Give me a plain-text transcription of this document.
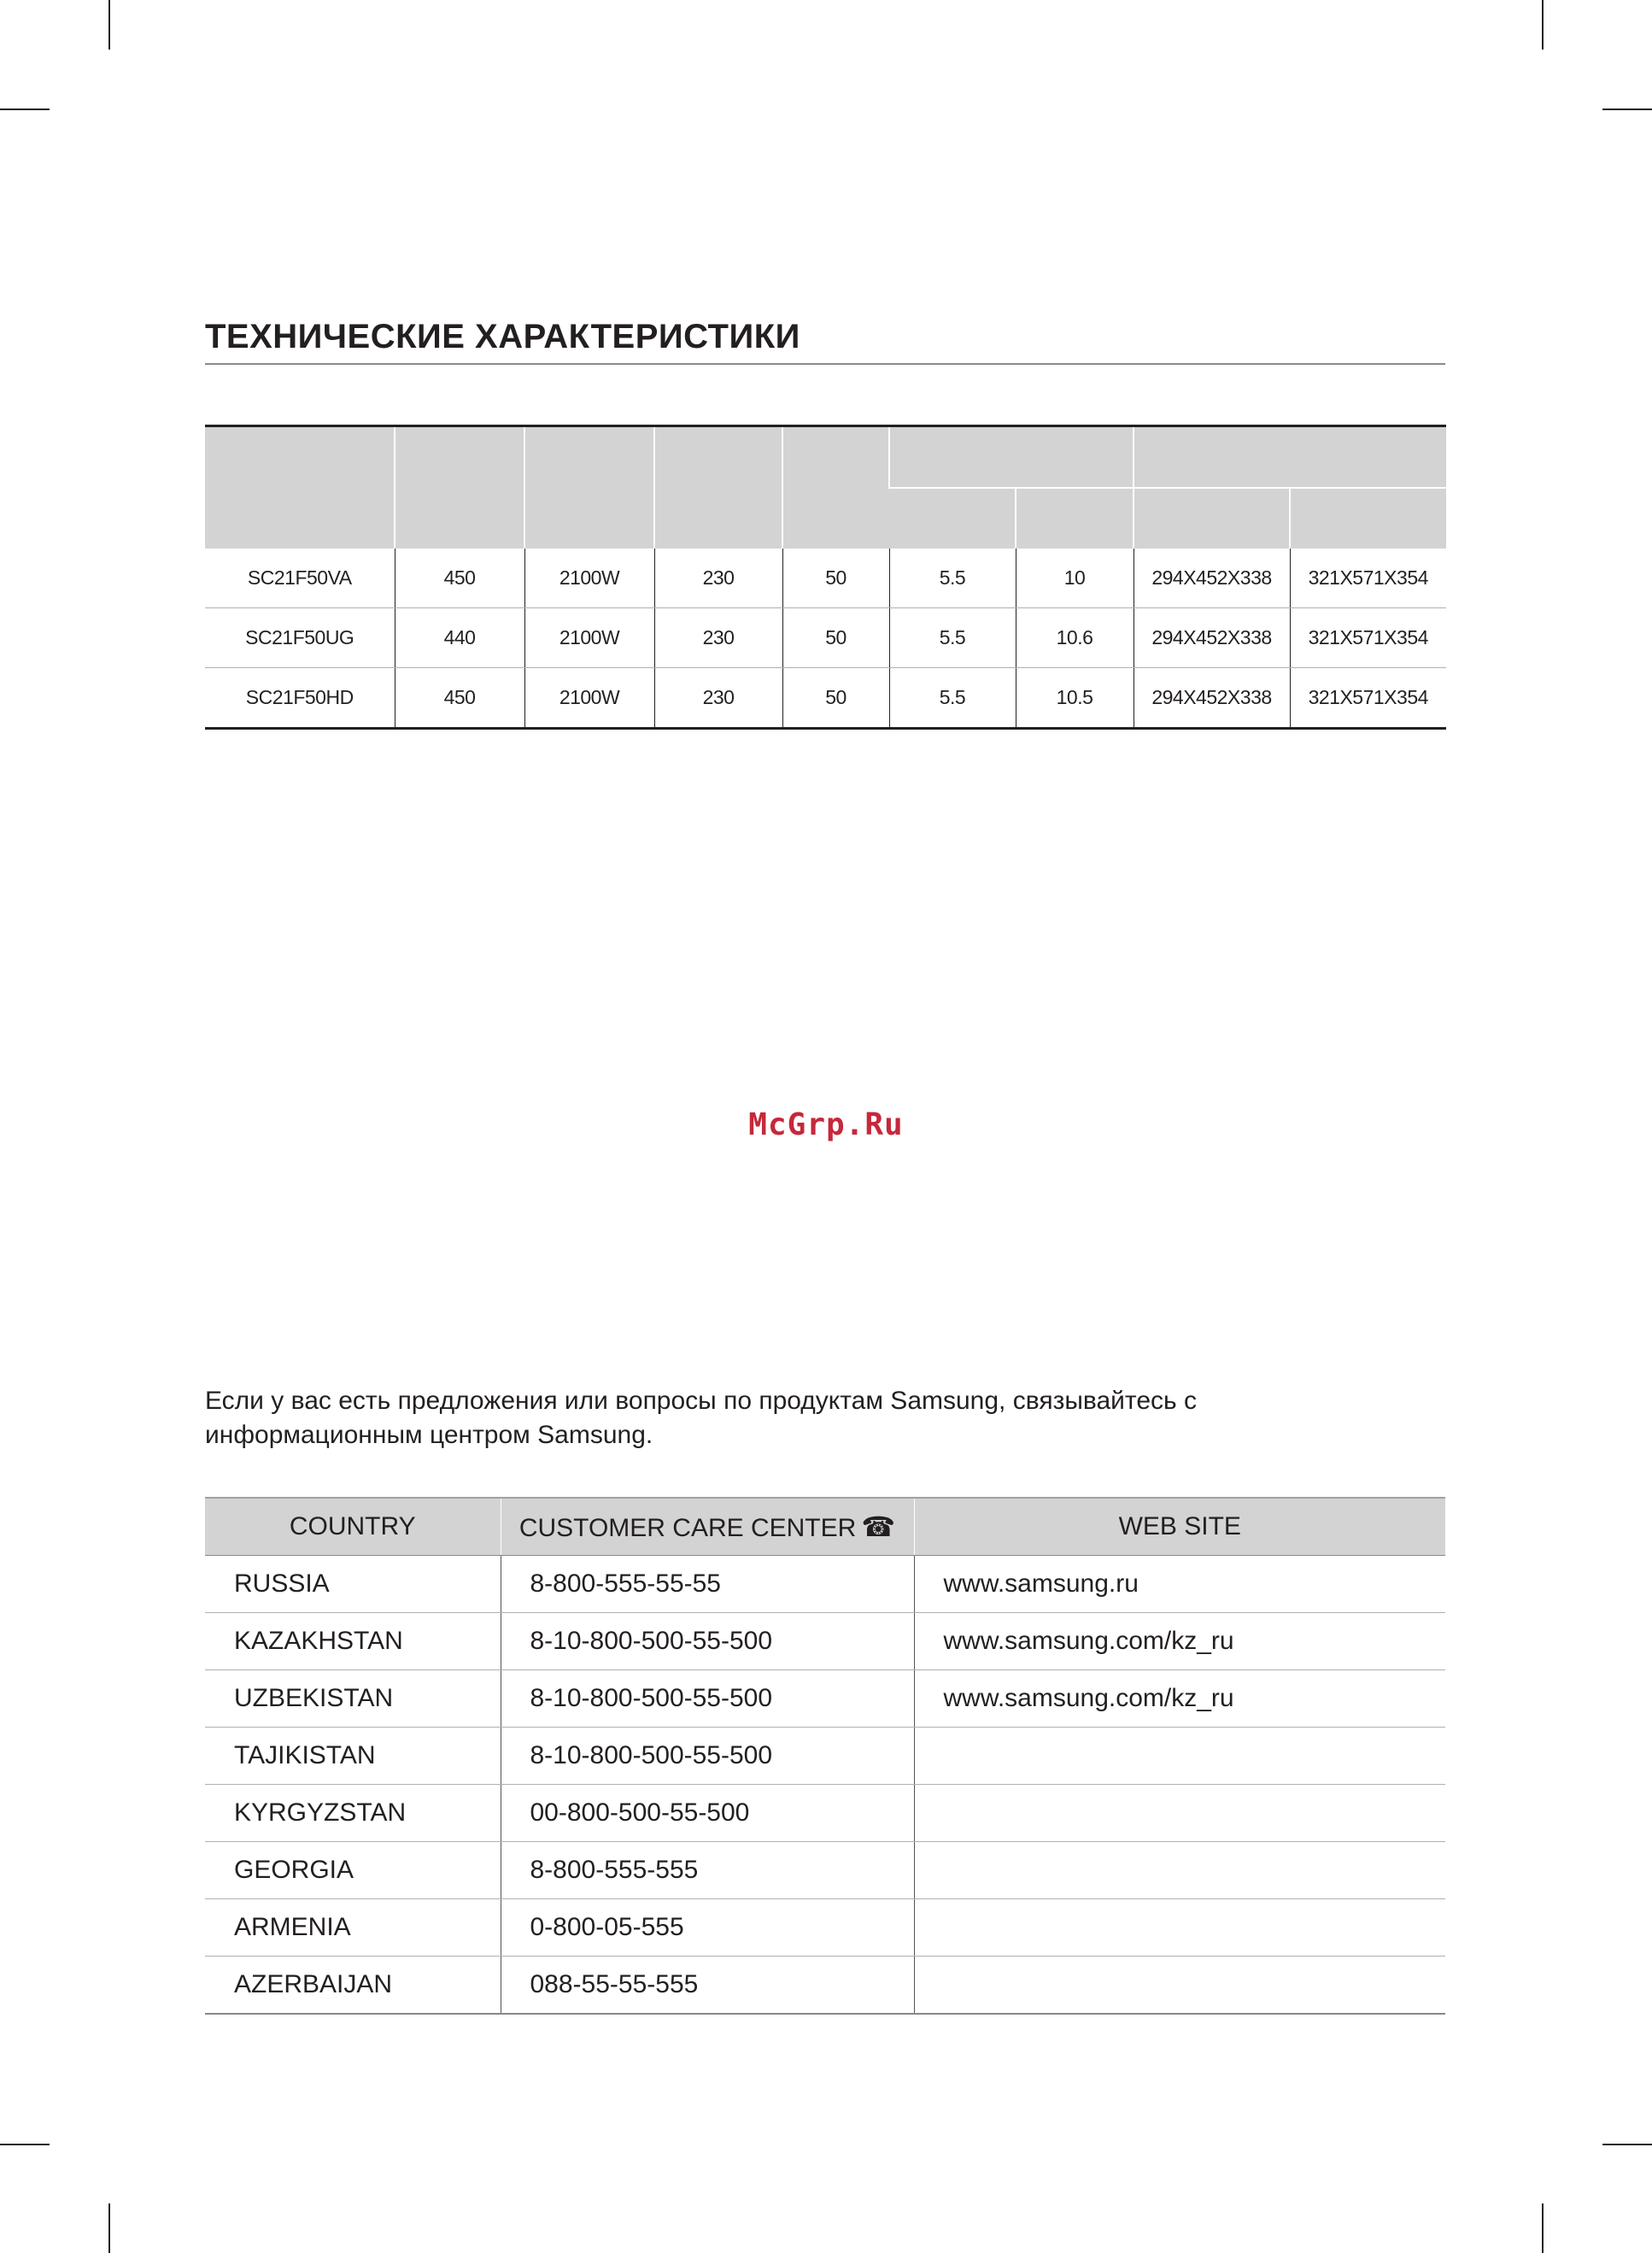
ТЕХНИЧЕСКИЕ ХАРАКТЕРИСТИКИ

SC21F50VA	450	2100W	230	50	5.5	10	294X452X338	321X571X354
SC21F50UG	440	2100W	230	50	5.5	10.6	294X452X338	321X571X354
SC21F50HD	450	2100W	230	50	5.5	10.5	294X452X338	321X571X354
McGrp.Ru

Если у вас есть предложения или вопросы по продуктам Samsung, связывайтесь с
информационным центром Samsung.

COUNTRY	CUSTOMER CARE CENTER ☎	WEB SITE
RUSSIA	8-800-555-55-55	www.samsung.ru
KAZAKHSTAN	8-10-800-500-55-500	www.samsung.com/kz_ru
UZBEKISTAN	8-10-800-500-55-500	www.samsung.com/kz_ru
TAJIKISTAN	8-10-800-500-55-500	
KYRGYZSTAN	00-800-500-55-500	
GEORGIA	8-800-555-555	
ARMENIA	0-800-05-555	
AZERBAIJAN	088-55-55-555	
